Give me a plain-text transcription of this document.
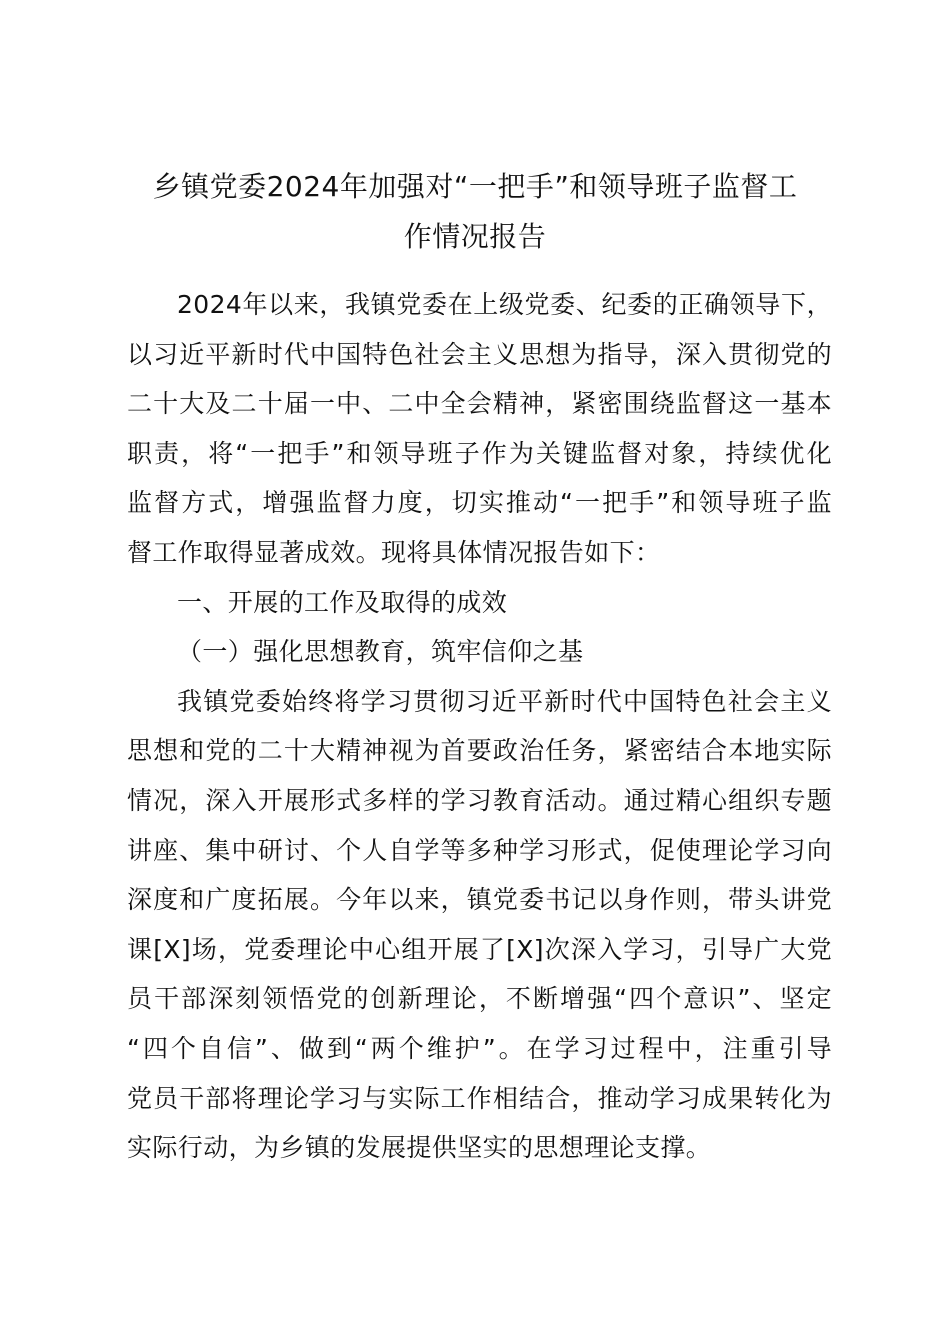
乡镇党委2024年加强对“一把手”和领导班子监督工
作情况报告
2024年以来，我镇党委在上级党委、纪委的正确领导下，
以习近平新时代中国特色社会主义思想为指导，深入贯彻党的
二十大及二十届一中、二中全会精神，紧密围绕监督这一基本
职责，将“一把手”和领导班子作为关键监督对象，持续优化
监督方式，增强监督力度，切实推动“一把手”和领导班子监
督工作取得显著成效。现将具体情况报告如下：
一、开展的工作及取得的成效
（一）强化思想教育，筑牢信仰之基
我镇党委始终将学习贯彻习近平新时代中国特色社会主义
思想和党的二十大精神视为首要政治任务，紧密结合本地实际
情况，深入开展形式多样的学习教育活动。通过精心组织专题
讲座、集中研讨、个人自学等多种学习形式，促使理论学习向
深度和广度拓展。今年以来，镇党委书记以身作则，带头讲党
课[X]场，党委理论中心组开展了[X]次深入学习，引导广大党
员干部深刻领悟党的创新理论，不断增强“四个意识”、坚定
“四个自信”、做到“两个维护”。在学习过程中，注重引导
党员干部将理论学习与实际工作相结合，推动学习成果转化为
实际行动，为乡镇的发展提供坚实的思想理论支撑。
